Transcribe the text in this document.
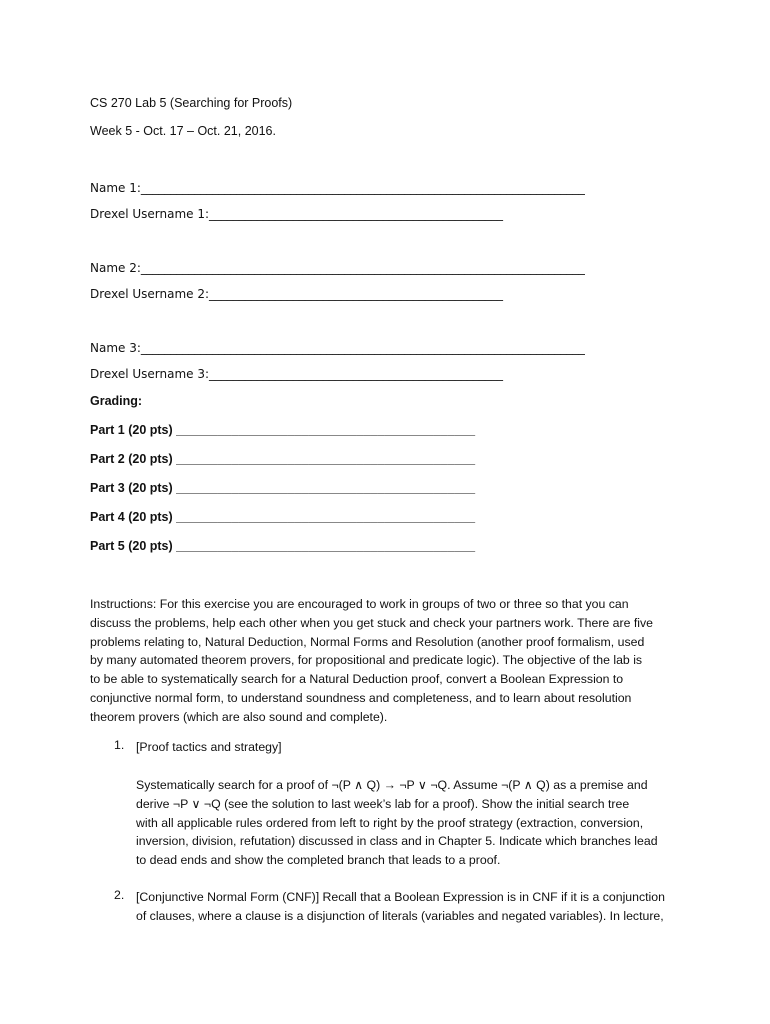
CS 270 Lab 5 (Searching for Proofs)
Week 5 - Oct. 17 – Oct. 21, 2016.
Name 1:__________________________________________________________________________
Drexel Username 1:_________________________________________________
Name 2:__________________________________________________________________________
Drexel Username 2:_________________________________________________
Name 3:__________________________________________________________________________
Drexel Username 3:_________________________________________________
Grading:
Part 1 (20 pts) ___________________________________________
Part 2 (20 pts) ___________________________________________
Part 3 (20 pts) ___________________________________________
Part 4 (20 pts) ___________________________________________
Part 5 (20 pts) ___________________________________________

Instructions: For this exercise you are encouraged to work in groups of two or three so that you can

discuss the problems, help each other when you get stuck and check your partners work. There are five

problems relating to, Natural Deduction, Normal Forms and Resolution (another proof formalism, used

by many automated theorem provers, for propositional and predicate logic). The objective of the lab is

to be able to systematically search for a Natural Deduction proof, convert a Boolean Expression to

conjunctive normal form, to understand soundness and completeness, and to learn about resolution

theorem provers (which are also sound and complete).

1. [Proof tactics and strategy]

Systematically search for a proof of ¬(P ∧ Q) → ¬P ∨ ¬Q. Assume ¬(P ∧ Q) as a premise and

derive ¬P ∨ ¬Q (see the solution to last week’s lab for a proof). Show the initial search tree

with all applicable rules ordered from left to right by the proof strategy (extraction, conversion,

inversion, division, refutation) discussed in class and in Chapter 5. Indicate which branches lead

to dead ends and show the completed branch that leads to a proof.

2. [Conjunctive Normal Form (CNF)] Recall that a Boolean Expression is in CNF if it is a conjunction

of clauses, where a clause is a disjunction of literals (variables and negated variables). In lecture,
